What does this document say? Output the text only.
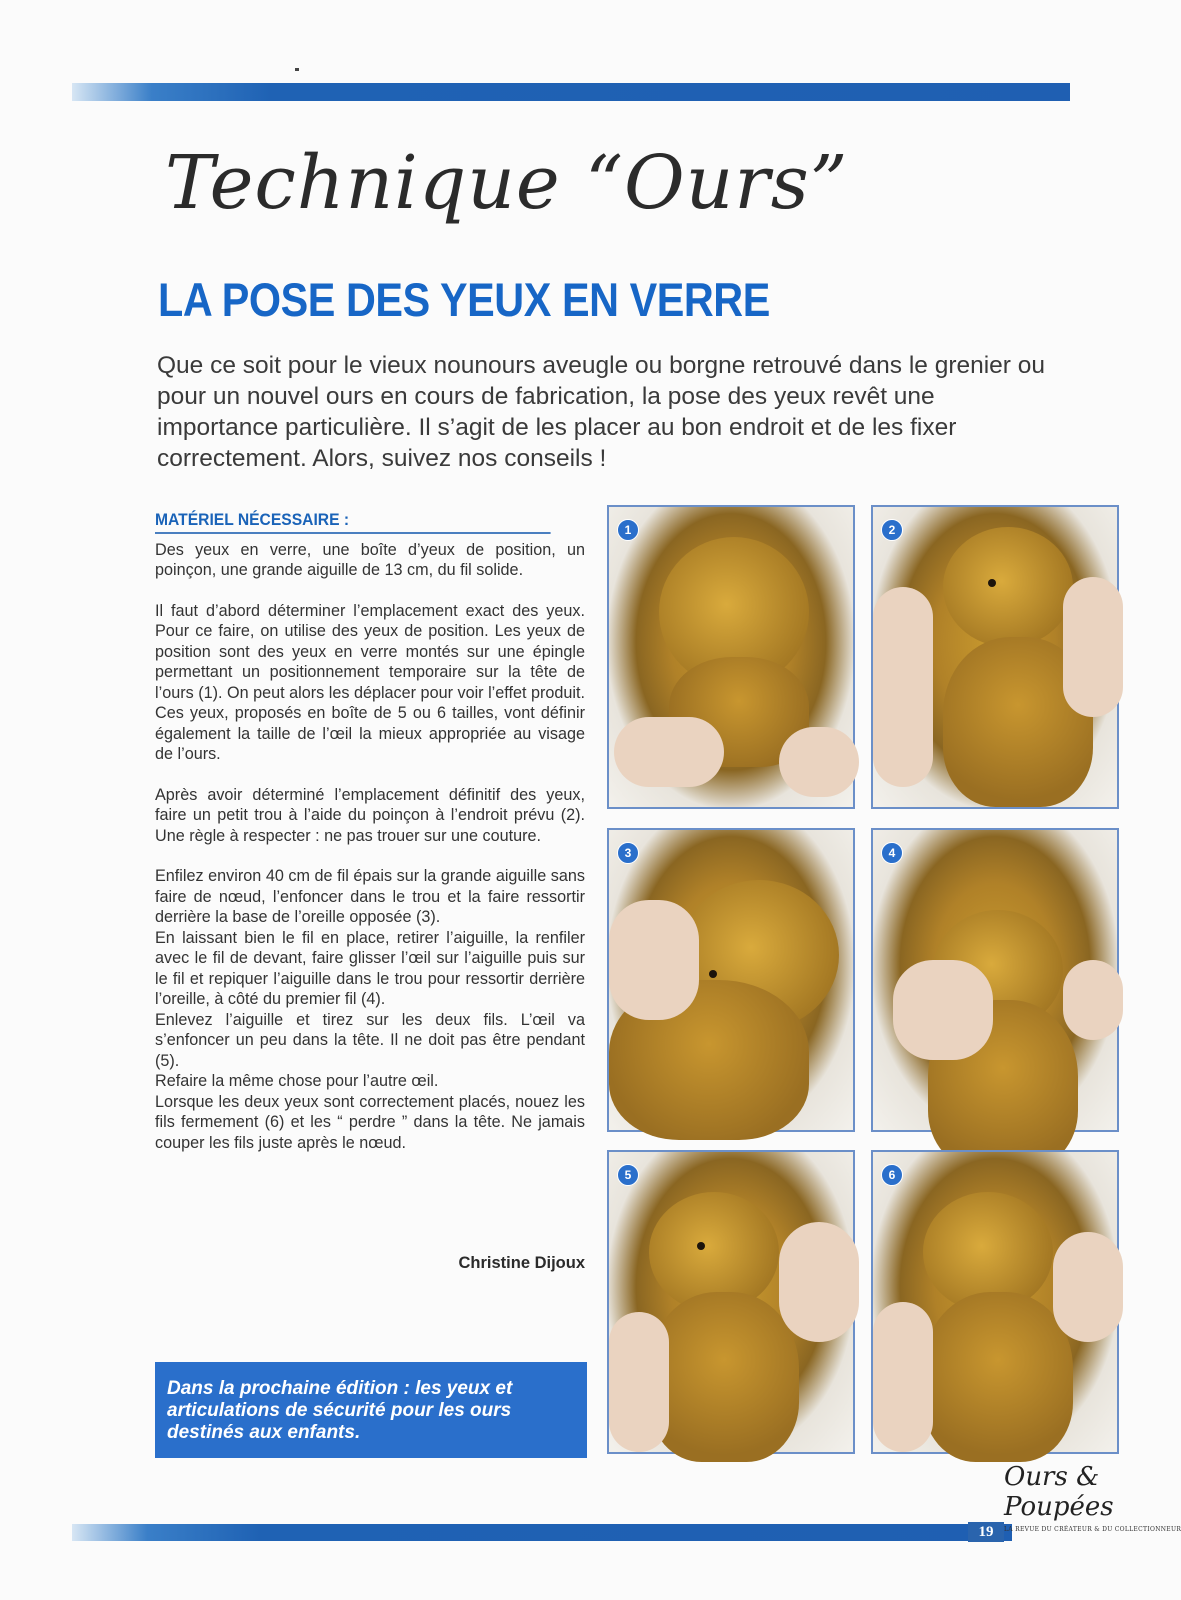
Technique “Ours”
LA POSE DES YEUX EN VERRE
Que ce soit pour le vieux nounours aveugle ou borgne retrouvé dans le grenier ou pour un nouvel ours en cours de fabrication, la pose des yeux revêt une importance particulière. Il s’agit de les placer au bon endroit et de les fixer correctement. Alors, suivez nos conseils !
MATÉRIEL NÉCESSAIRE :

Des yeux en verre, une boîte d’yeux de position, un poinçon, une grande aiguille de 13 cm, du fil solide.

Il faut d’abord déterminer l’emplacement exact des yeux. Pour ce faire, on utilise des yeux de position. Les yeux de position sont des yeux en verre montés sur une épingle permettant un positionnement temporaire sur la tête de l’ours (1). On peut alors les déplacer pour voir l’effet produit. Ces yeux, proposés en boîte de 5 ou 6 tailles, vont définir également la taille de l’œil la mieux appropriée au visage de l’ours.

Après avoir déterminé l’emplacement définitif des yeux, faire un petit trou à l’aide du poinçon à l’endroit prévu (2). Une règle à respecter : ne pas trouer sur une couture.

Enfilez environ 40 cm de fil épais sur la grande aiguille sans faire de nœud, l’enfoncer dans le trou et la faire ressortir derrière la base de l’oreille opposée (3).

En laissant bien le fil en place, retirer l’aiguille, la renfiler avec le fil de devant, faire glisser l’œil sur l’aiguille puis sur le fil et repiquer l’aiguille dans le trou pour ressortir derrière l’oreille, à côté du premier fil (4).

Enlevez l’aiguille et tirez sur les deux fils. L’œil va s’enfoncer un peu dans la tête. Il ne doit pas être pendant (5).

Refaire la même chose pour l’autre œil.

Lorsque les deux yeux sont correctement placés, nouez les fils fermement (6) et les “ perdre ” dans la tête. Ne jamais couper les fils juste après le nœud.

Christine Dijoux
Dans la prochaine édition : les yeux et articulations de sécurité pour les ours destinés aux enfants.
1	2
3	4
5	6
19
Ours & Poupées
LA REVUE DU CRÉATEUR & DU COLLECTIONNEUR
